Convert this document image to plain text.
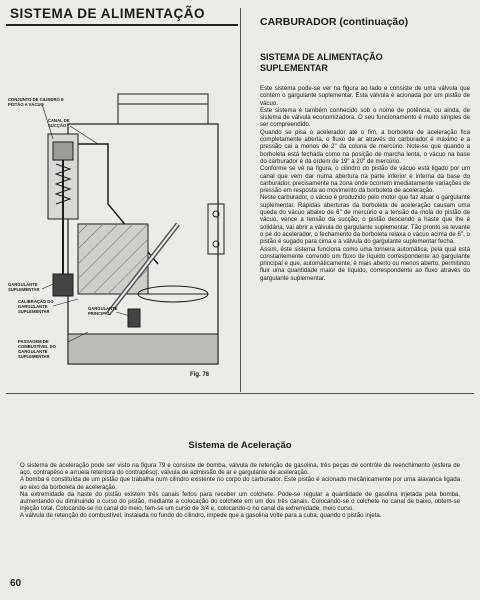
SISTEMA DE ALIMENTAÇÃO
CARBURADOR (continuação)
SISTEMA DE ALIMENTAÇÃO
SUPLEMENTAR

Este sistema pode-se ver na figura ao lado e consiste de uma válvula que contém o gargulante suplementar. Esta válvula é acionada por um pistão de vácuo.

Este sistema é também conhecido sob o nome de potência, ou ainda, de sistema de válvula economizadora. O seu funcionamento é muito simples de ser compreendido.

Quando se pisa o acelerador até o fim, a borboleta de aceleração fica completamente aberta, o fluxo de ar através do carburador é máximo e a pressão cai a menos de 2" da coluna de mercúrio. Note-se que quando a borboleta está fechada como na posição de marcha lenta, o vácuo na base do carburador é da ordem de 19" a 20" de mercúrio.

Conforme se vê na figura, o cilindro do pistão de vácuo está ligado por um canal que vem dar numa abertura na parte inferior e interna da base do carburador, precisamente na zona onde ocorrem imediatamente variações de pressão em resposta ao movimento da borboleta de aceleração.

Neste carburador, o vácuo é produzido pelo motor que faz atuar o gargulante suplementar. Rápidas aberturas da borboleta de aceleração causam uma queda do vácuo abaixo de 6" de mercúrio e a tensão da mola do pistão de vácuo, vence a tensão da sucção; o pistão descendo a haste que lhe é solidária, vai abrir a válvula do gargulante suplementar. Tão pronto se levante o pé do acelerador, o fechamento da borboleta relaxa o vácuo acima de 6", o pistão é sugado para cima e a válvula do gargulante suplementar fecha.

Assim, êste sistema funciona como uma torneira automática, pela qual está constantemente correndo um fluxo de líquido correspondente ao gargulante principal e que, automàticamente, é mais aberto ou menos aberto, permitindo fluir uma quantidade maior de líquido, correspondente ao fluxo através do gargulante suplementar.

CONJUNTO DE CILINDRO E PISTÃO A VÁCUO
CANAL DE SUCÇÃO
GARGULANTE SUPLEMENTAR
CALIBRAÇÃO DO GARGULANTE SUPLEMENTAR
GARGULANTE PRINCIPAL
PASSAGEM DE COMBUSTÍVEL DO GARGULANTE SUPLEMENTAR
Fig. 78
Sistema de Aceleração

O sistema de aceleração pode ser visto na figura 79 e consiste de bomba, válvula de retenção de gasolina, três peças de contrôle de reenchimento (esfera de aço, contrapêso e arruela retentora do contrapêso), válvula de admissão de ar e gargulante de aceleração.

A bomba é constituída de um pistão que trabalha num cilindro existente no corpo do carburador. Este pistão é acionado mecânicamente por uma alavanca ligada ao eixo da borboleta de aceleração.

Na extremidade da haste do pistão existem três canais feitos para receber um colchete. Pode-se regular a quantidade de gasolina injetada pela bomba, aumentando ou diminuindo o curso do pistão, mediante a colocação do colchete em um dos três canais. Colocando-se o colchete no canal de baixo, obtem-se injeção total. Colocando-se no canal do meio, tem-se um curso de 3/4 e, colocando-o no canal da extremidade, meio curso.

A válvula de retenção do combustível, instalada no fundo do cilindro, impede que a gasolina volte para a cuba, quando o pistão injeta.

60
